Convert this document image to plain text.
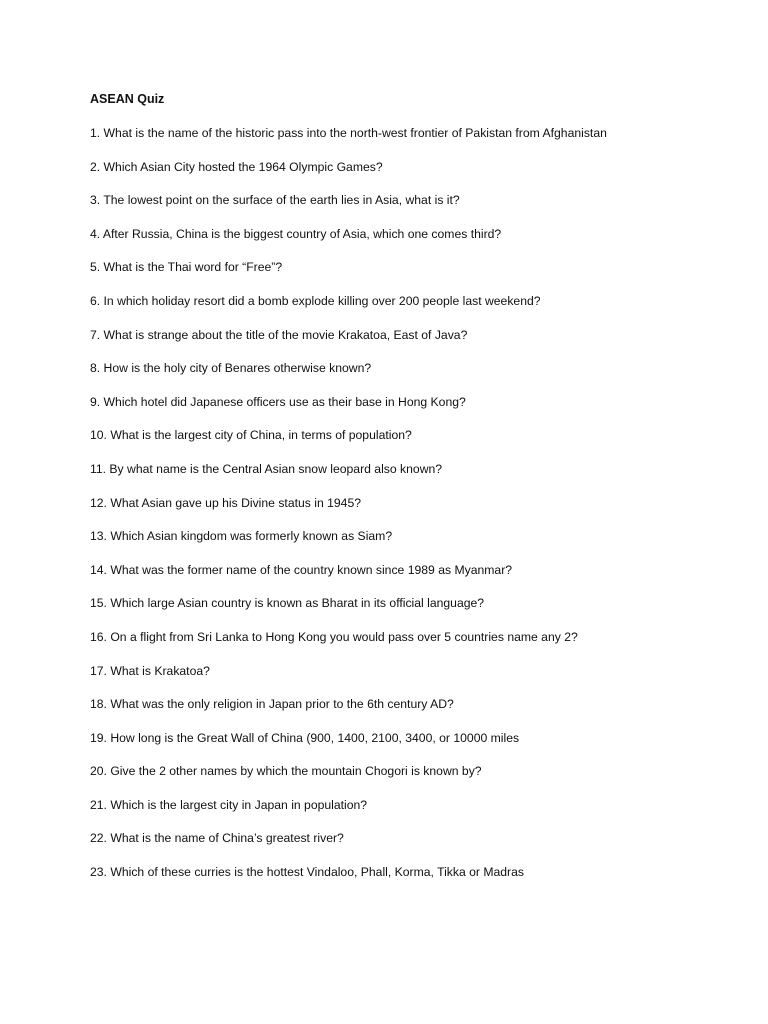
ASEAN Quiz
1. What is the name of the historic pass into the north-west frontier of Pakistan from Afghanistan
2. Which Asian City hosted the 1964 Olympic Games?
3. The lowest point on the surface of the earth lies in Asia, what is it?
4. After Russia, China is the biggest country of Asia, which one comes third?
5. What is the Thai word for “Free”?
6. In which holiday resort did a bomb explode killing over 200 people last weekend?
7. What is strange about the title of the movie Krakatoa, East of Java?
8. How is the holy city of Benares otherwise known?
9. Which hotel did Japanese officers use as their base in Hong Kong?
10. What is the largest city of China, in terms of population?
11. By what name is the Central Asian snow leopard also known?
12. What Asian gave up his Divine status in 1945?
13. Which Asian kingdom was formerly known as Siam?
14. What was the former name of the country known since 1989 as Myanmar?
15. Which large Asian country is known as Bharat in its official language?
16. On a flight from Sri Lanka to Hong Kong you would pass over 5 countries name any 2?
17. What is Krakatoa?
18. What was the only religion in Japan prior to the 6th century AD?
19. How long is the Great Wall of China (900, 1400, 2100, 3400, or 10000 miles
20. Give the 2 other names by which the mountain Chogori is known by?
21. Which is the largest city in Japan in population?
22. What is the name of China’s greatest river?
23. Which of these curries is the hottest Vindaloo, Phall, Korma, Tikka or Madras
